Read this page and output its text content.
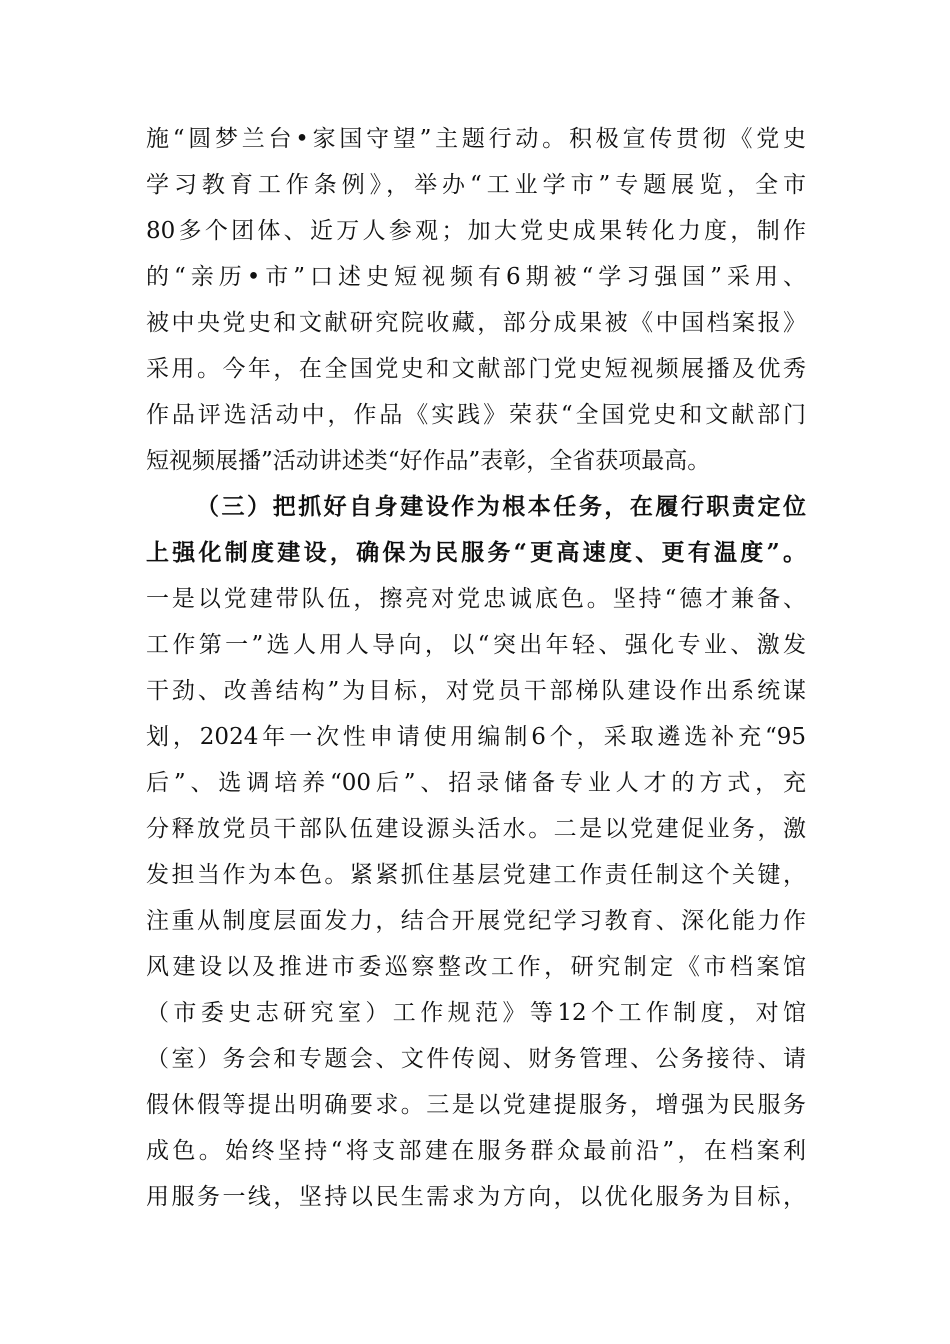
施“圆梦兰台•家国守望”主题行动。积极宣传贯彻《党史
学习教育工作条例》，举办“工业学市”专题展览，全市
80多个团体、近万人参观；加大党史成果转化力度，制作
的“亲历•市”口述史短视频有6期被“学习强国”采用、
被中央党史和文献研究院收藏，部分成果被《中国档案报》
采用。今年，在全国党史和文献部门党史短视频展播及优秀
作品评选活动中，作品《实践》荣获“全国党史和文献部门
短视频展播”活动讲述类“好作品”表彰，全省获项最高。
（三）把抓好自身建设作为根本任务，在履行职责定位
上强化制度建设，确保为民服务“更高速度、更有温度”。
一是以党建带队伍，擦亮对党忠诚底色。坚持“德才兼备、
工作第一”选人用人导向，以“突出年轻、强化专业、激发
干劲、改善结构”为目标，对党员干部梯队建设作出系统谋
划，2024年一次性申请使用编制6个，采取遴选补充“95
后”、选调培养“00后”、招录储备专业人才的方式，充
分释放党员干部队伍建设源头活水。二是以党建促业务，激
发担当作为本色。紧紧抓住基层党建工作责任制这个关键，
注重从制度层面发力，结合开展党纪学习教育、深化能力作
风建设以及推进市委巡察整改工作，研究制定《市档案馆
（市委史志研究室）工作规范》等12个工作制度，对馆
（室）务会和专题会、文件传阅、财务管理、公务接待、请
假休假等提出明确要求。三是以党建提服务，增强为民服务
成色。始终坚持“将支部建在服务群众最前沿”，在档案利
用服务一线，坚持以民生需求为方向，以优化服务为目标，
